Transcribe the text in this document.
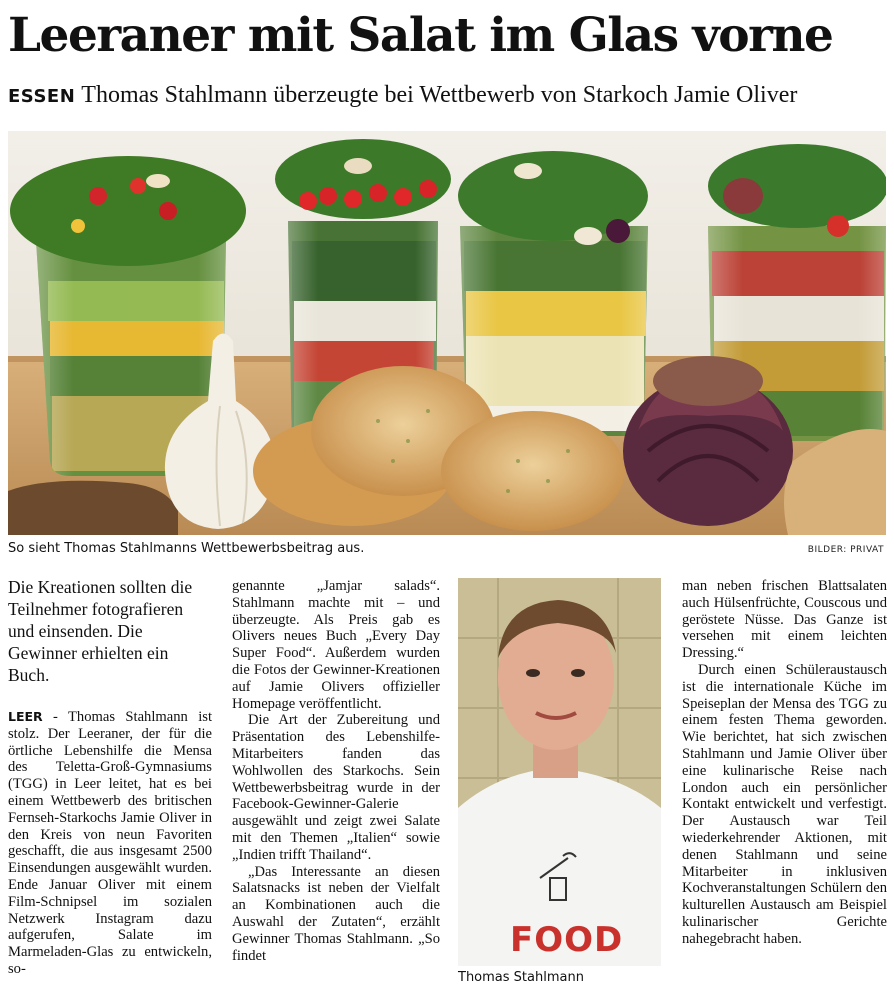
Leeraner mit Salat im Glas vorne
ESSEN Thomas Stahlmann überzeugte bei Wettbewerb von Starkoch Jamie Oliver
So sieht Thomas Stahlmanns Wettbewerbsbeitrag aus.	BILDER: PRIVAT

Die Kreationen sollten die Teilnehmer fotografieren und einsenden. Die Gewinner erhielten ein Buch.

LEER - Thomas Stahlmann ist stolz. Der Leeraner, der für die örtliche Lebenshilfe die Mensa des Teletta-Groß-Gymnasiums (TGG) in Leer leitet, hat es bei einem Wettbewerb des britischen Fernseh-Starkochs Jamie Oliver in den Kreis von neun Favoriten geschafft, die aus insgesamt 2500 Einsendungen ausgewählt wurden. Ende Januar Oliver mit einem Film-Schnipsel im sozialen Netzwerk Instagram dazu aufgerufen, Salate im Marmeladen-Glas zu entwickeln, so-

genannte „Jamjar salads“. Stahlmann machte mit – und überzeugte. Als Preis gab es Olivers neues Buch „Every Day Super Food“. Außerdem wurden die Fotos der Gewinner-Kreationen auf Jamie Olivers offizieller Homepage veröffentlicht.

Die Art der Zubereitung und Präsentation des Lebenshilfe-Mitarbeiters fanden das Wohlwollen des Starkochs. Sein Wettbewerbsbeitrag wurde in der Facebook-Gewinner-Galerie ausgewählt und zeigt zwei Salate mit den Themen „Italien“ sowie „Indien trifft Thailand“.

„Das Interessante an diesen Salatsnacks ist neben der Vielfalt an Kombinationen auch die Auswahl der Zutaten“, erzählt Gewinner Thomas Stahlmann. „So findet	FOOD
Thomas Stahlmann

man neben frischen Blattsalaten auch Hülsenfrüchte, Couscous und geröstete Nüsse. Das Ganze ist versehen mit einem leichten Dressing.“

Durch einen Schüleraustausch ist die internationale Küche im Speiseplan der Mensa des TGG zu einem festen Thema geworden. Wie berichtet, hat sich zwischen Stahlmann und Jamie Oliver über eine kulinarische Reise nach London auch ein persönlicher Kontakt entwickelt und verfestigt. Der Austausch war Teil wiederkehrender Aktionen, mit denen Stahlmann und seine Mitarbeiter in inklusiven Kochveranstaltungen Schülern den kulturellen Austausch am Beispiel kulinarischer Gerichte nahegebracht haben.
